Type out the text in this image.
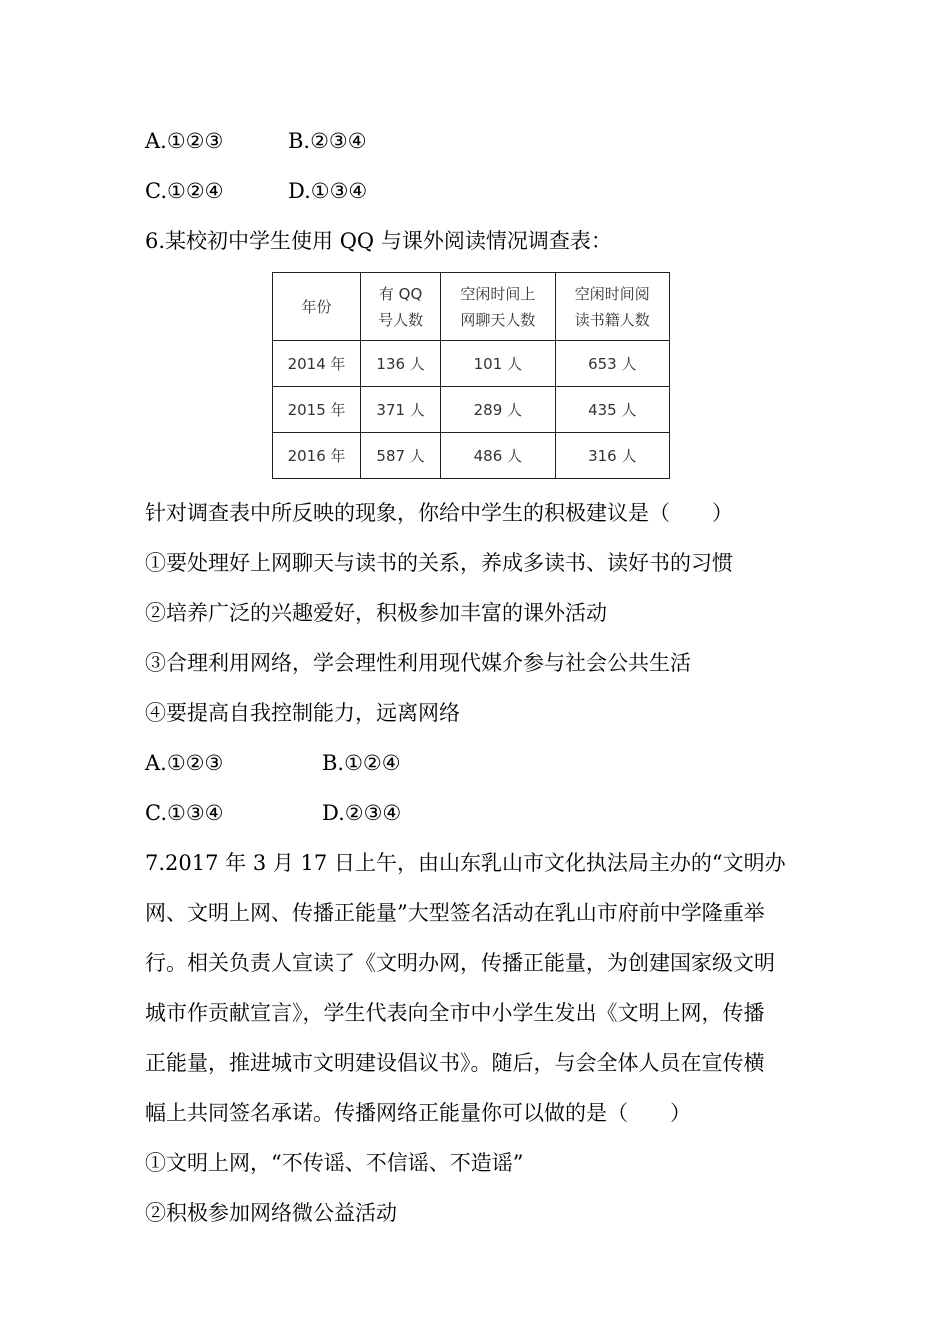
A.①②③	B.②③④
C.①②④	D.①③④
6.某校初中学生使用 QQ 与课外阅读情况调查表：
年份	有 QQ 号人数	空闲时间上网聊天人数	空闲时间阅读书籍人数
2014 年	136 人	101 人	653 人
2015 年	371 人	289 人	435 人
2016 年	587 人	486 人	316 人
针对调查表中所反映的现象，你给中学生的积极建议是（　　）
①要处理好上网聊天与读书的关系，养成多读书、读好书的习惯
②培养广泛的兴趣爱好，积极参加丰富的课外活动
③合理利用网络，学会理性利用现代媒介参与社会公共生活
④要提高自我控制能力，远离网络
A.①②③	B.①②④
C.①③④	D.②③④
7.2017 年 3 月 17 日上午，由山东乳山市文化执法局主办的“文明办
网、文明上网、传播正能量”大型签名活动在乳山市府前中学隆重举
行。相关负责人宣读了《文明办网，传播正能量，为创建国家级文明
城市作贡献宣言》，学生代表向全市中小学生发出《文明上网，传播
正能量，推进城市文明建设倡议书》。随后，与会全体人员在宣传横
幅上共同签名承诺。传播网络正能量你可以做的是（　　）
①文明上网，“不传谣、不信谣、不造谣”
②积极参加网络微公益活动
